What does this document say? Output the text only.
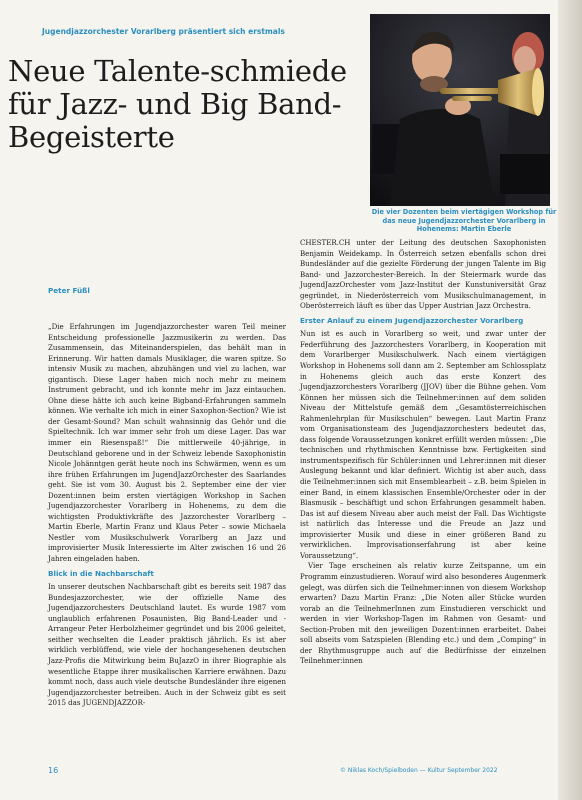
Jugendjazzorchester Vorarlberg präsentiert sich erstmals
Neue Talente-schmiede für Jazz- und Big Band-Begeisterte
Die vier Dozenten beim viertägigen Workshop für das neue Jugendjazzorchester Vorarlberg in Hohenems: Martin Eberle
Peter Füßl

„Die Erfahrungen im Jugendjazzorchester waren Teil meiner Entscheidung professionelle Jazzmusikerin zu werden. Das Zusammensein, das Miteinanderspielen, das behält man in Erinnerung. Wir hatten damals Musiklager, die waren spitze. So intensiv Musik zu machen, abzuhängen und viel zu lachen, war gigantisch. Diese Lager haben mich noch mehr zu meinem Instrument gebracht, und ich konnte mehr im Jazz eintauchen. Ohne diese hätte ich auch keine Bigband-Erfahrungen sammeln können. Wie verhalte ich mich in einer Saxophon-Section? Wie ist der Gesamt-Sound? Man schult wahnsinnig das Gehör und die Spieltechnik. Ich war immer sehr froh um diese Lager. Das war immer ein Riesenspaß!“ Die mittlerweile 40-jährige, in Deutschland geborene und in der Schweiz lebende Saxophonistin Nicole Johänntgen gerät heute noch ins Schwärmen, wenn es um ihre frühen Erfahrungen im JugendJazzOrchester des Saarlandes geht. Sie ist vom 30. August bis 2. September eine der vier Dozent:innen beim ersten viertägigen Workshop in Sachen Jugendjazzorchester Vorarlberg in Hohenems, zu dem die wichtigsten Produktivkräfte des Jazzorchester Vorarlberg – Martin Eberle, Martin Franz und Klaus Peter – sowie Michaela Nestler vom Musikschulwerk Vorarlberg an Jazz und improvisierter Musik Interessierte im Alter zwischen 16 und 26 Jahren eingeladen haben.

Blick in die Nachbarschaft

In unserer deutschen Nachbarschaft gibt es bereits seit 1987 das Bundesjazzorchester, wie der offizielle Name des Jugendjazzorchesters Deutschland lautet. Es wurde 1987 vom unglaublich erfahrenen Posaunisten, Big Band-Leader und -Arrangeur Peter Herbolzheimer gegründet und bis 2006 geleitet, seither wechselten die Leader praktisch jährlich. Es ist aber wirklich verblüffend, wie viele der hochangesehenen deutschen Jazz-Profis die Mitwirkung beim BuJazzO in ihrer Biographie als wesentliche Etappe ihrer musikalischen Karriere erwähnen. Dazu kommt noch, dass auch viele deutsche Bundesländer ihre eigenen Jugendjazzorchester betreiben. Auch in der Schweiz gibt es seit 2015 das JUGENDJAZZOR-

CHESTER.CH unter der Leitung des deutschen Saxophonisten Benjamin Weidekamp. In Österreich setzen ebenfalls schon drei Bundesländer auf die gezielte Förderung der jungen Talente im Big Band- und Jazzorchester-Bereich. In der Steiermark wurde das JugendJazzOrchester vom Jazz-Institut der Kunstuniversität Graz gegründet, in Niederösterreich vom Musikschulmanagement, in Oberösterreich läuft es über das Upper Austrian Jazz Orchestra.

Erster Anlauf zu einem Jugendjazzorchester Vorarlberg

Nun ist es auch in Vorarlberg so weit, und zwar unter der Federführung des Jazzorchesters Vorarlberg, in Kooperation mit dem Vorarlberger Musikschulwerk. Nach einem viertägigen Workshop in Hohenems soll dann am 2. September am Schlossplatz in Hohenems gleich auch das erste Konzert des Jugendjazzorchesters Vorarlberg (JJOV) über die Bühne gehen. Vom Können her müssen sich die Teilnehmer:innen auf dem soliden Niveau der Mittelstufe gemäß dem „Gesamtösterreichischen Rahmenlehrplan für Musikschulen“ bewegen. Laut Martin Franz vom Organisationsteam des Jugendjazzorchesters bedeutet das, dass folgende Voraussetzungen konkret erfüllt werden müssen: „Die technischen und rhythmischen Kenntnisse bzw. Fertigkeiten sind instrumentspezifisch für Schüler:innen und Lehrer:innen mit dieser Auslegung bekannt und klar definiert. Wichtig ist aber auch, dass die Teilnehmer:innen sich mit Ensemblearbeit – z.B. beim Spielen in einer Band, in einem klassischen Ensemble/Orchester oder in der Blasmusik – beschäftigt und schon Erfahrungen gesammelt haben. Das ist auf diesem Niveau aber auch meist der Fall. Das Wichtigste ist natürlich das Interesse und die Freude an Jazz und improvisierter Musik und diese in einer größeren Band zu verwirklichen. Improvisationserfahrung ist aber keine Voraussetzung“.

Vier Tage erscheinen als relativ kurze Zeitspanne, um ein Programm einzustudieren. Worauf wird also besonderes Augenmerk gelegt, was dürfen sich die Teilnehmer:innen von diesem Workshop erwarten? Dazu Martin Franz: „Die Noten aller Stücke wurden vorab an die TeilnehmerInnen zum Einstudieren verschickt und werden in vier Workshop-Tagen im Rahmen von Gesamt- und Section-Proben mit den jeweiligen Dozent:innen erarbeitet. Dabei soll abseits vom Satzspielen (Blending etc.) und dem „Comping“ in der Rhythmusgruppe auch auf die Bedürfnisse der einzelnen Teilnehmer:innen

16	© Niklas Koch/Spielboden — Kultur September 2022
